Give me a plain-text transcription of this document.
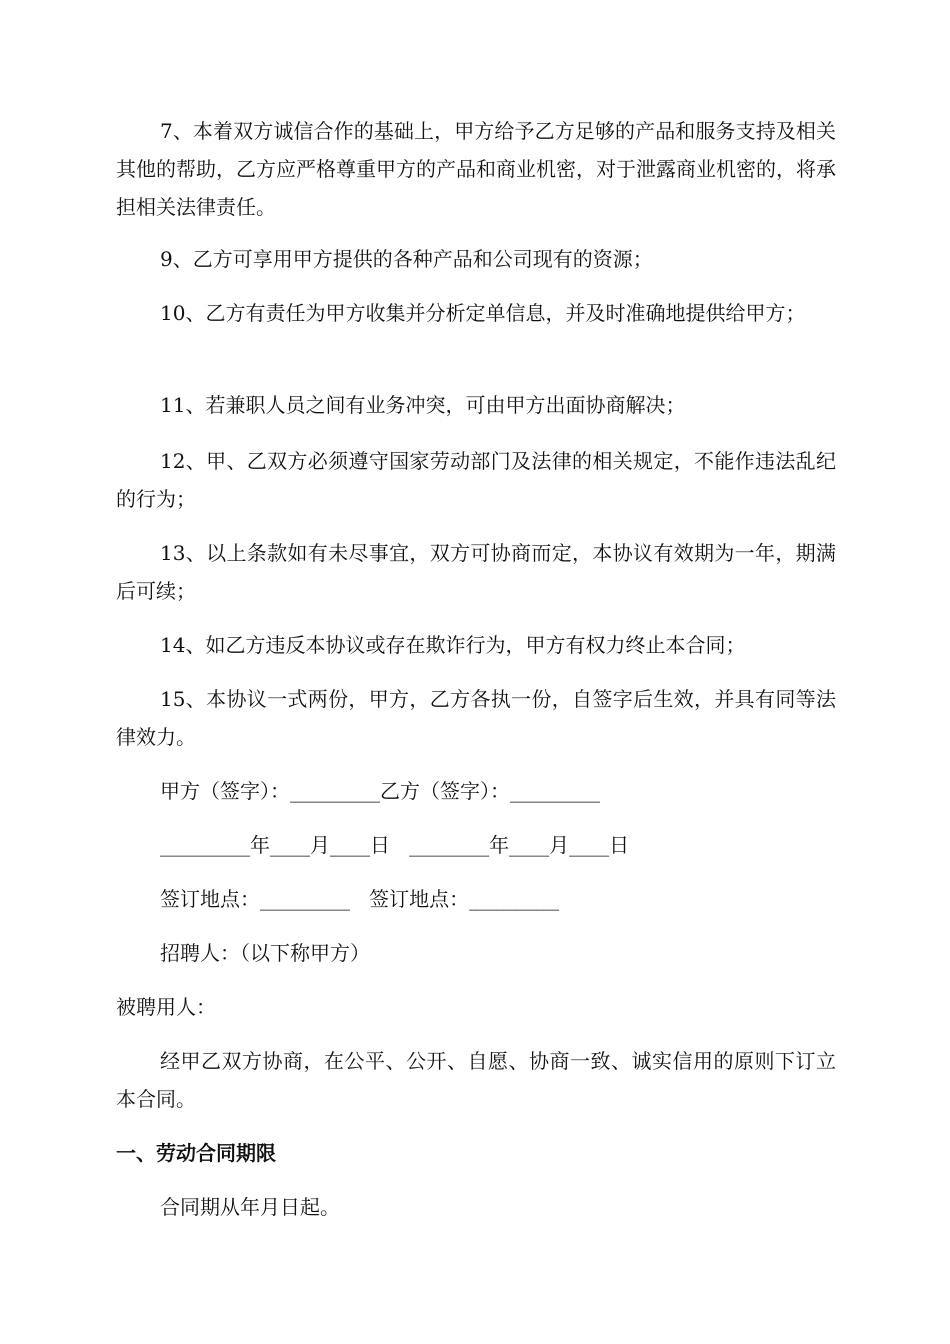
7、本着双方诚信合作的基础上，甲方给予乙方足够的产品和服务支持及相关其他的帮助，乙方应严格尊重甲方的产品和商业机密，对于泄露商业机密的，将承担相关法律责任。

9、乙方可享用甲方提供的各种产品和公司现有的资源；

10、乙方有责任为甲方收集并分析定单信息，并及时准确地提供给甲方；

11、若兼职人员之间有业务冲突，可由甲方出面协商解决；

12、甲、乙双方必须遵守国家劳动部门及法律的相关规定，不能作违法乱纪的行为；

13、以上条款如有未尽事宜，双方可协商而定，本协议有效期为一年，期满后可续；

14、如乙方违反本协议或存在欺诈行为，甲方有权力终止本合同；

15、本协议一式两份，甲方，乙方各执一份，自签字后生效，并具有同等法律效力。

甲方（签字）：_________乙方（签字）：_________
_________年____月____日   ________年____月____日
签订地点：_________   签订地点：_________
招聘人：（以下称甲方）

被聘用人：

经甲乙双方协商，在公平、公开、自愿、协商一致、诚实信用的原则下订立本合同。

一、劳动合同期限

合同期从年月日起。
